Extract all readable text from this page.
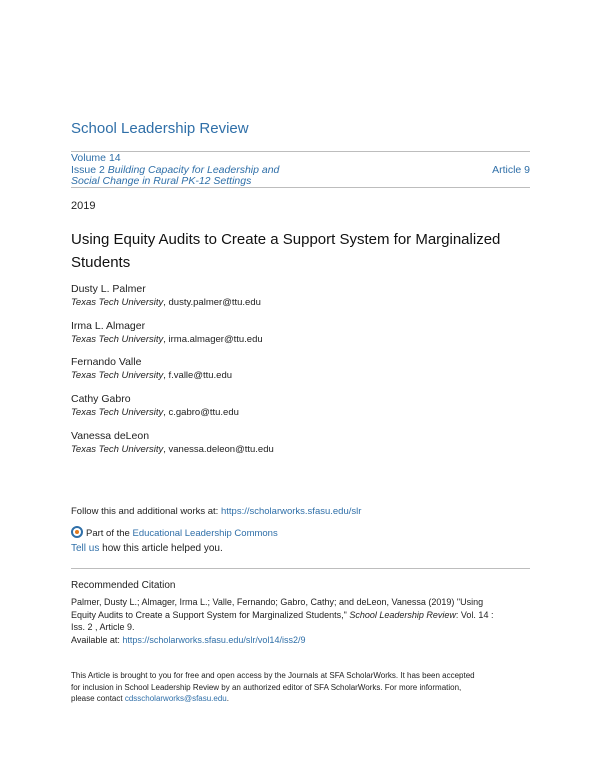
School Leadership Review
Volume 14
Issue 2 Building Capacity for Leadership and
Social Change in Rural PK-12 Settings
Article 9
2019
Using Equity Audits to Create a Support System for Marginalized
Students
Dusty L. Palmer
Texas Tech University, dusty.palmer@ttu.edu
Irma L. Almager
Texas Tech University, irma.almager@ttu.edu
Fernando Valle
Texas Tech University, f.valle@ttu.edu
Cathy Gabro
Texas Tech University, c.gabro@ttu.edu
Vanessa deLeon
Texas Tech University, vanessa.deleon@ttu.edu
Follow this and additional works at: https://scholarworks.sfasu.edu/slr
Part of the Educational Leadership Commons
Tell us how this article helped you.
Recommended Citation
Palmer, Dusty L.; Almager, Irma L.; Valle, Fernando; Gabro, Cathy; and deLeon, Vanessa (2019) "Using
Equity Audits to Create a Support System for Marginalized Students," School Leadership Review: Vol. 14 :
Iss. 2 , Article 9.
Available at: https://scholarworks.sfasu.edu/slr/vol14/iss2/9
This Article is brought to you for free and open access by the Journals at SFA ScholarWorks. It has been accepted
for inclusion in School Leadership Review by an authorized editor of SFA ScholarWorks. For more information,
please contact cdsscholarworks@sfasu.edu.
